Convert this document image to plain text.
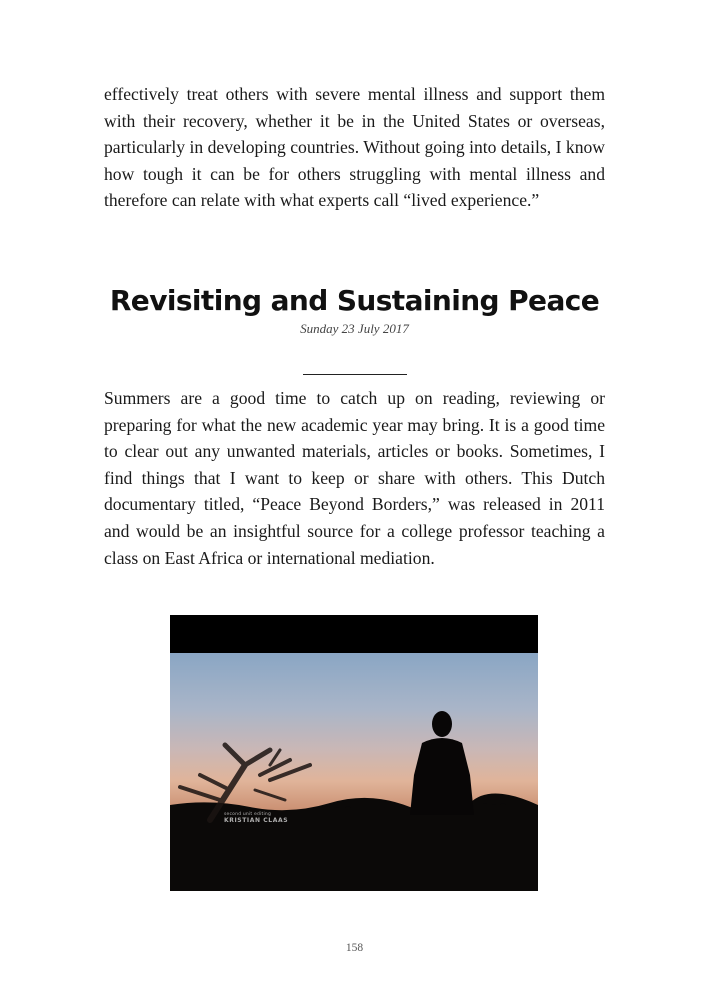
effectively treat others with severe mental illness and support them with their recovery, whether it be in the United States or overseas, particularly in developing countries. Without going into details, I know how tough it can be for others struggling with mental illness and therefore can relate with what experts call “lived experience.”

Revisiting and Sustaining Peace

Sunday 23 July 2017

Summers are a good time to catch up on reading, reviewing or preparing for what the new academic year may bring. It is a good time to clear out any unwanted materials, articles or books. Sometimes, I find things that I want to keep or share with others. This Dutch documentary titled, “Peace Beyond Borders,” was released in 2011 and would be an insightful source for a college professor teaching a class on East Africa or international mediation.

second unit editing
KRISTIAN CLAAS

158
